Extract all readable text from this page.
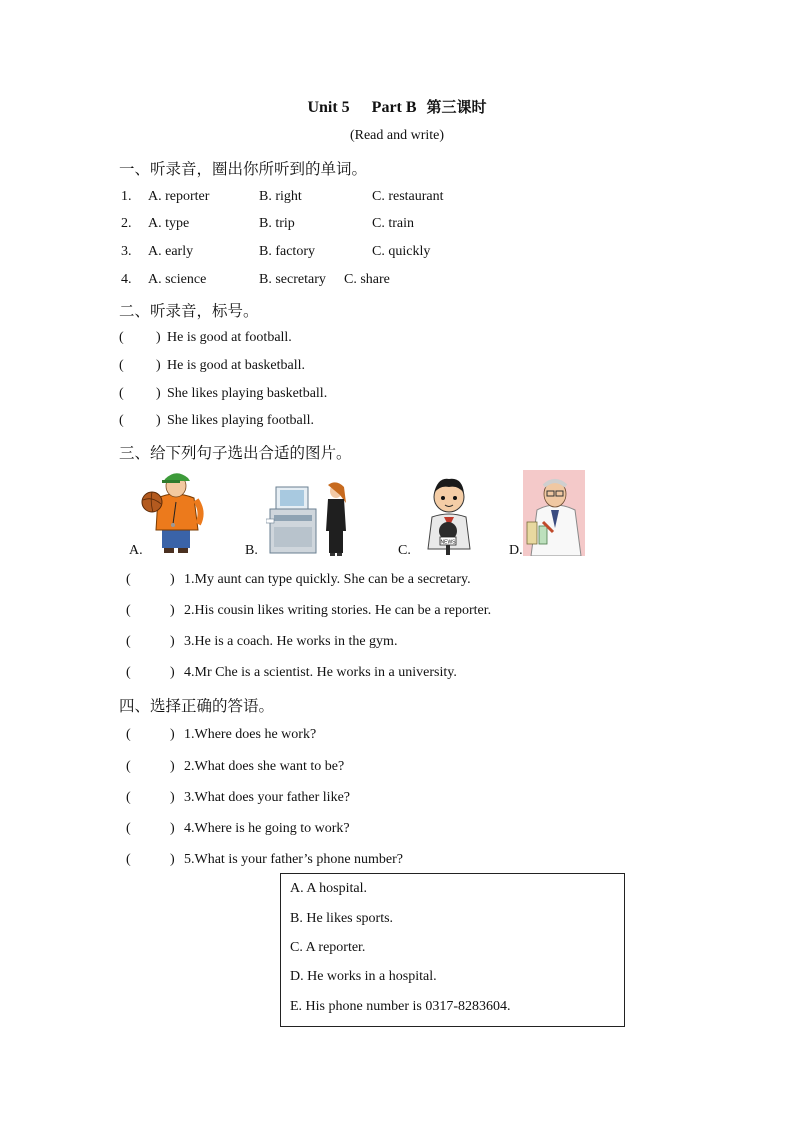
Unit 5 Part B 第三课时
(Read and write)
一、听录音，圈出你所听到的单词。
1. A. reporter	B. right	C. restaurant
2. A. type	B. trip	C. train
3. A. early	B. factory	C. quickly
4. A. science	B. secretary C. share
二、听录音，标号。
( ) He is good at football.
( ) He is good at basketball.
( ) She likes playing basketball.
( ) She likes playing football.
三、给下列句子选出合适的图片。
A.	B.
NEWS
C.	D.
(	) 1.My aunt can type quickly. She can be a secretary.
(	) 2.His cousin likes writing stories. He can be a reporter.
(	) 3.He is a coach. He works in the gym.
(	) 4.Mr Che is a scientist. He works in a university.
四、选择正确的答语。
(	) 1.Where does he work?
(	) 2.What does she want to be?
(	) 3.What does your father like?
(	) 4.Where is he going to work?
(	) 5.What is your father’s phone number?
A. A hospital.
B. He likes sports.
C. A reporter.
D. He works in a hospital.
E. His phone number is 0317-8283604.
